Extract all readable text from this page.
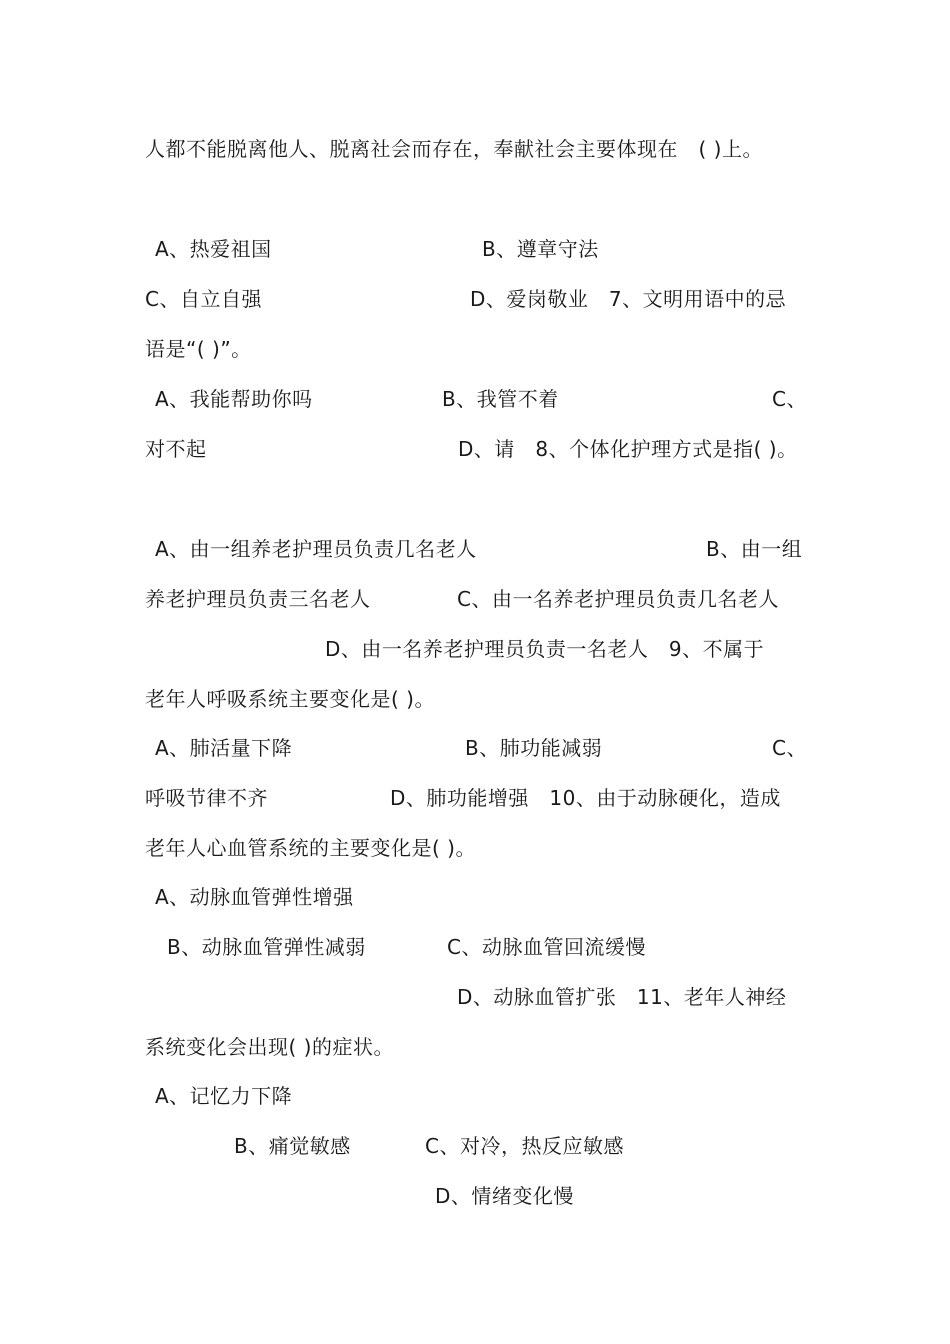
人都不能脱离他人、脱离社会而存在，奉献社会主要体现在　( )上。
A、热爱祖国	B、遵章守法
C、自立自强	D、爱岗敬业　7、文明用语中的忌
语是“( )”。
A、我能帮助你吗	B、我管不着	C、
对不起	D、请　8、个体化护理方式是指( )。
A、由一组养老护理员负责几名老人	B、由一组
养老护理员负责三名老人	C、由一名养老护理员负责几名老人
D、由一名养老护理员负责一名老人　9、不属于
老年人呼吸系统主要变化是( )。
A、肺活量下降	B、肺功能减弱	C、
呼吸节律不齐	D、肺功能增强　10、由于动脉硬化，造成
老年人心血管系统的主要变化是( )。
A、动脉血管弹性增强
B、动脉血管弹性减弱	C、动脉血管回流缓慢
D、动脉血管扩张　11、老年人神经
系统变化会出现( )的症状。
A、记忆力下降
B、痛觉敏感	C、对冷，热反应敏感
D、情绪变化慢
